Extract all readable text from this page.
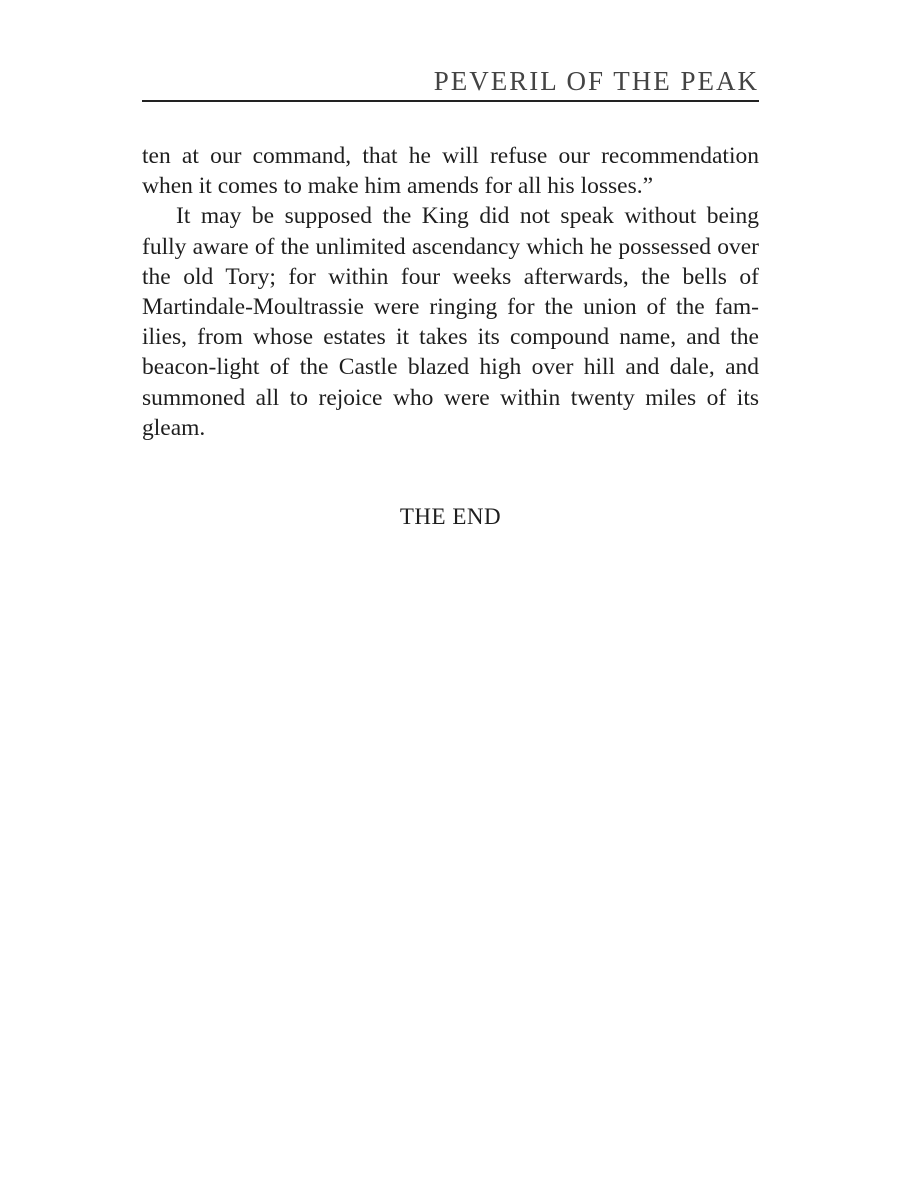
PEVERIL OF THE PEAK

ten at our command, that he will refuse our recommendation when it comes to make him amends for all his losses.”

It may be supposed the King did not speak without being fully aware of the unlimited ascendancy which he possessed over the old Tory; for within four weeks afterwards, the bells of Martindale-Moultrassie were ringing for the union of the families, from whose estates it takes its compound name, and the beacon-light of the Castle blazed high over hill and dale, and summoned all to rejoice who were within twenty miles of its gleam.

THE END
